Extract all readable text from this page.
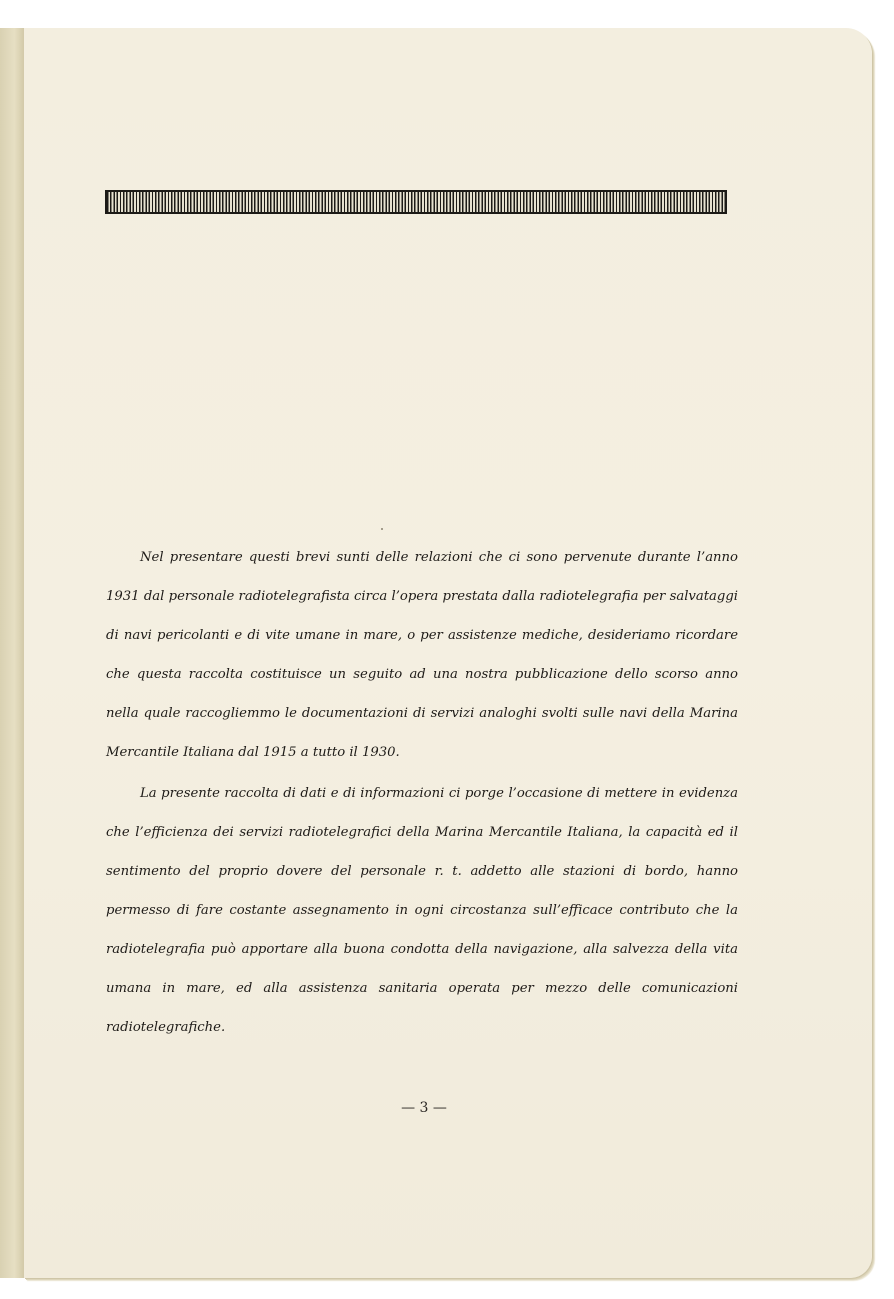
Nel presentare questi brevi sunti delle relazioni che ci sono pervenute durante l’anno 1931 dal personale radiotelegrafista circa l’opera prestata dalla radiotelegrafia per salvataggi di navi pericolanti e di vite umane in mare, o per assistenze mediche, desideriamo ricordare che questa raccolta costituisce un seguito ad una nostra pubblicazione dello scorso anno nella quale raccogliemmo le documentazioni di servizi analoghi svolti sulle navi della Marina Mercantile Italiana dal 1915 a tutto il 1930.

La presente raccolta di dati e di informazioni ci porge l’occasione di mettere in evidenza che l’efficienza dei servizi radiotelegrafici della Marina Mercantile Italiana, la capacità ed il sentimento del proprio dovere del personale r. t. addetto alle stazioni di bordo, hanno permesso di fare costante assegnamento in ogni circostanza sull’efficace contributo che la radiotelegrafia può apportare alla buona condotta della navigazione, alla salvezza della vita umana in mare, ed alla assistenza sanitaria operata per mezzo delle comunicazioni radiotelegrafiche.

— 3 —
